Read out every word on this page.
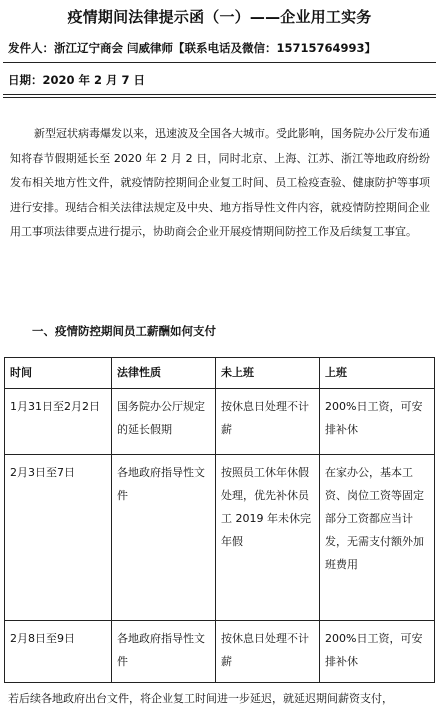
疫情期间法律提示函（一）——企业用工实务
发件人：浙江辽宁商会 闫威律师【联系电话及微信：15715764993】
日期：2020 年 2 月 7 日
新型冠状病毒爆发以来，迅速波及全国各大城市。受此影响，国务院办公厅发布通知将春节假期延长至 2020 年 2 月 2 日，同时北京、上海、江苏、浙江等地政府纷纷发布相关地方性文件，就疫情防控期间企业复工时间、员工检疫查验、健康防护等事项进行安排。现结合相关法律法规定及中央、地方指导性文件内容，就疫情防控期间企业用工事项法律要点进行提示，协助商会企业开展疫情期间防控工作及后续复工事宜。
一、疫情防控期间员工薪酬如何支付
时间	法律性质	未上班	上班
1月31日至2月2日	国务院办公厅规定的延长假期	按休息日处理不计薪	200%日工资，可安排补休
2月3日至7日	各地政府指导性文件	按照员工休年休假处理，优先补休员工 2019 年未休完年假	在家办公，基本工资、岗位工资等固定部分工资都应当计发，无需支付额外加班费用
2月8日至9日	各地政府指导性文件	按休息日处理不计薪	200%日工资，可安排补休
若后续各地政府出台文件，将企业复工时间进一步延迟，就延迟期间薪资支付，
